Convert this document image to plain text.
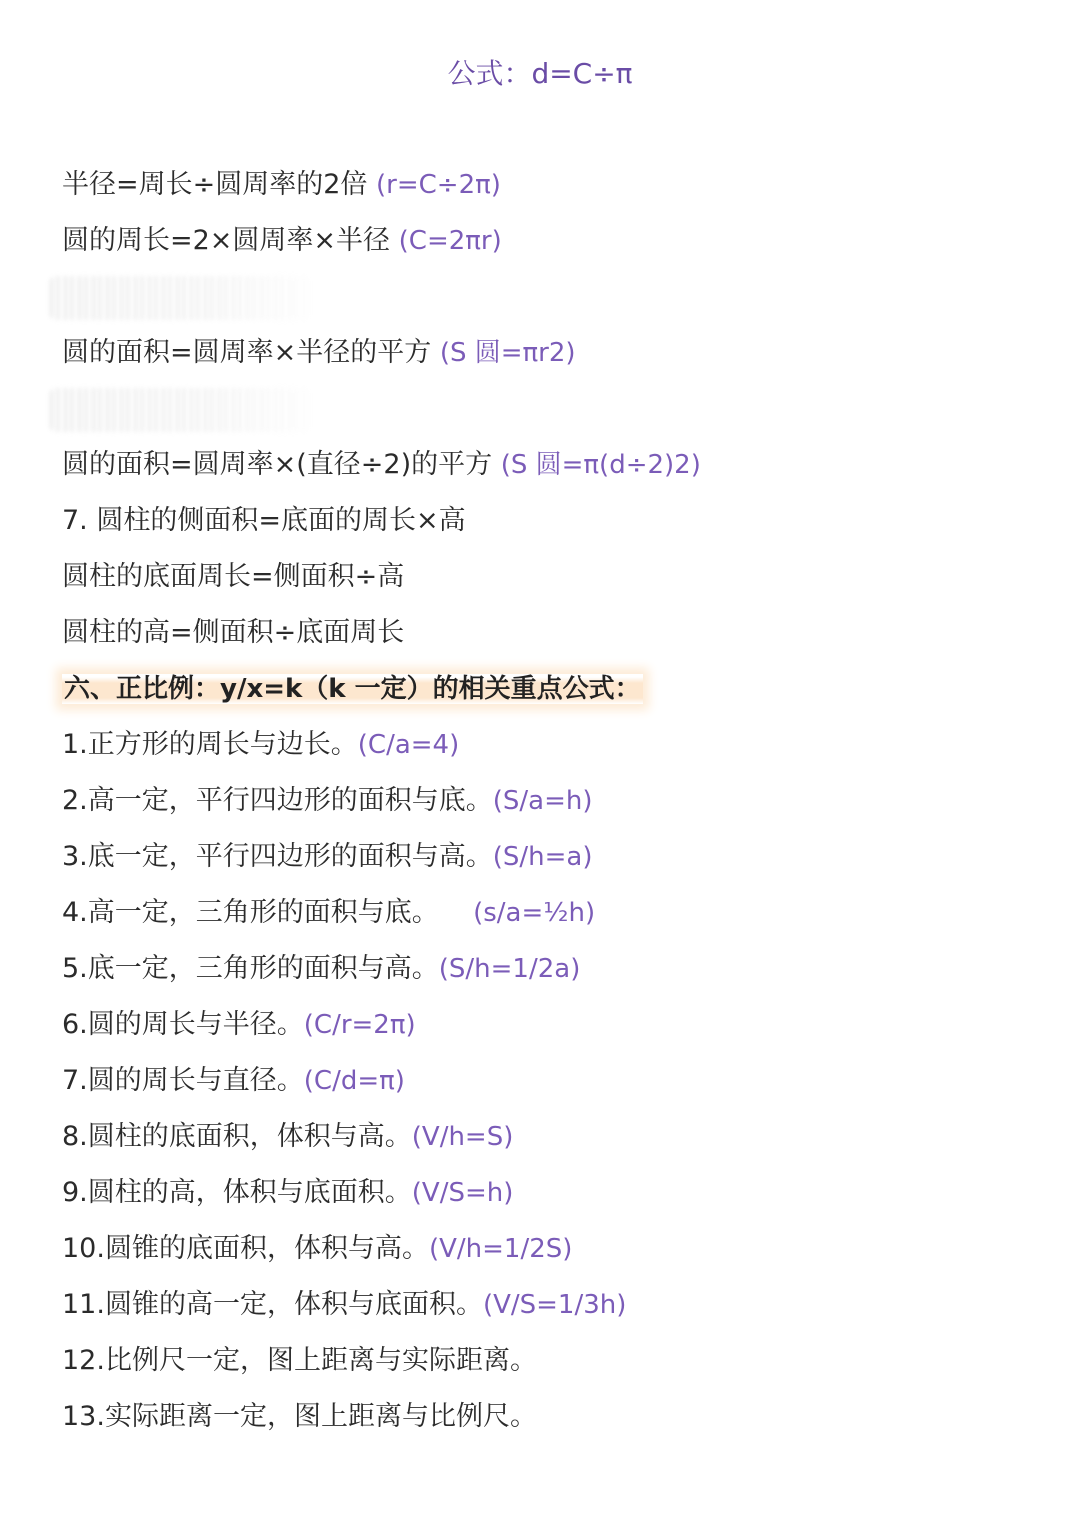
公式：d=C÷π
半径=周长÷圆周率的2倍 (r=C÷2π)
圆的周长=2×圆周率×半径 (C=2πr)
圆的面积=圆周率×半径的平方 (S 圆=πr2)
圆的面积=圆周率×(直径÷2)的平方 (S 圆=π(d÷2)2)
7. 圆柱的侧面积=底面的周长×高
圆柱的底面周长=侧面积÷高
圆柱的高=侧面积÷底面周长
六、正比例：y/x=k（k 一定）的相关重点公式：
1.正方形的周长与边长。(C/a=4)
2.高一定，平行四边形的面积与底。(S/a=h)
3.底一定，平行四边形的面积与高。(S/h=a)
4.高一定，三角形的面积与底。    (s/a=½h)
5.底一定，三角形的面积与高。(S/h=1/2a)
6.圆的周长与半径。(C/r=2π)
7.圆的周长与直径。(C/d=π)
8.圆柱的底面积，体积与高。(V/h=S)
9.圆柱的高，体积与底面积。(V/S=h)
10.圆锥的底面积，体积与高。(V/h=1/2S)
11.圆锥的高一定，体积与底面积。(V/S=1/3h)
12.比例尺一定，图上距离与实际距离。
13.实际距离一定，图上距离与比例尺。
